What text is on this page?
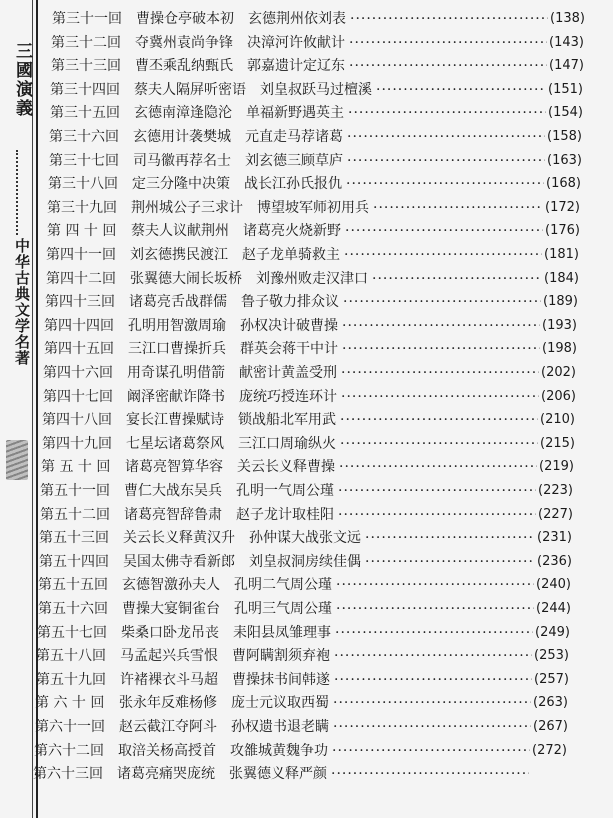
三國演義
中华古典文学名著
第三十一回 曹操仓亭破本初 玄德荆州依刘表 ·····	(138)
第三十二回 夺冀州袁尚争锋 决漳河许攸献计 ·····	(143)
第三十三回 曹丕乘乱纳甄氏 郭嘉遗计定辽东 ·····	(147)
第三十四回 蔡夫人隔屏听密语 刘皇叔跃马过檀溪 ·····	(151)
第三十五回 玄德南漳逢隐沦 单福新野遇英主 ·····	(154)
第三十六回 玄德用计袭樊城 元直走马荐诸葛 ·····	(158)
第三十七回 司马徽再荐名士 刘玄德三顾草庐 ·····	(163)
第三十八回 定三分隆中决策 战长江孙氏报仇 ·····	(168)
第三十九回 荆州城公子三求计 博望坡军师初用兵 ·····	(172)
第 四 十 回 蔡夫人议献荆州 诸葛亮火烧新野 ·····	(176)
第四十一回 刘玄德携民渡江 赵子龙单骑救主 ·····	(181)
第四十二回 张翼德大闹长坂桥 刘豫州败走汉津口 ·····	(184)
第四十三回 诸葛亮舌战群儒 鲁子敬力排众议 ·····	(189)
第四十四回 孔明用智激周瑜 孙权决计破曹操 ·····	(193)
第四十五回 三江口曹操折兵 群英会蒋干中计 ·····	(198)
第四十六回 用奇谋孔明借箭 献密计黄盖受刑 ·····	(202)
第四十七回 阚泽密献诈降书 庞统巧授连环计 ·····	(206)
第四十八回 宴长江曹操赋诗 锁战船北军用武 ·····	(210)
第四十九回 七星坛诸葛祭风 三江口周瑜纵火 ·····	(215)
第 五 十 回 诸葛亮智算华容 关云长义释曹操 ·····	(219)
第五十一回 曹仁大战东吴兵 孔明一气周公瑾 ·····	(223)
第五十二回 诸葛亮智辞鲁肃 赵子龙计取桂阳 ·····	(227)
第五十三回 关云长义释黄汉升 孙仲谋大战张文远 ·····	(231)
第五十四回 吴国太佛寺看新郎 刘皇叔洞房续佳偶 ·····	(236)
第五十五回 玄德智激孙夫人 孔明二气周公瑾 ·····	(240)
第五十六回 曹操大宴铜雀台 孔明三气周公瑾 ·····	(244)
第五十七回 柴桑口卧龙吊丧 耒阳县凤雏理事 ·····	(249)
第五十八回 马孟起兴兵雪恨 曹阿瞒割须弃袍 ·····	(253)
第五十九回 许褚裸衣斗马超 曹操抹书间韩遂 ·····	(257)
第 六 十 回 张永年反难杨修 庞士元议取西蜀 ·····	(263)
第六十一回 赵云截江夺阿斗 孙权遗书退老瞒 ·····	(267)
第六十二回 取涪关杨高授首 攻雒城黄魏争功 ·····	(272)
第六十三回 诸葛亮痛哭庞统 张翼德义释严颜
·····
